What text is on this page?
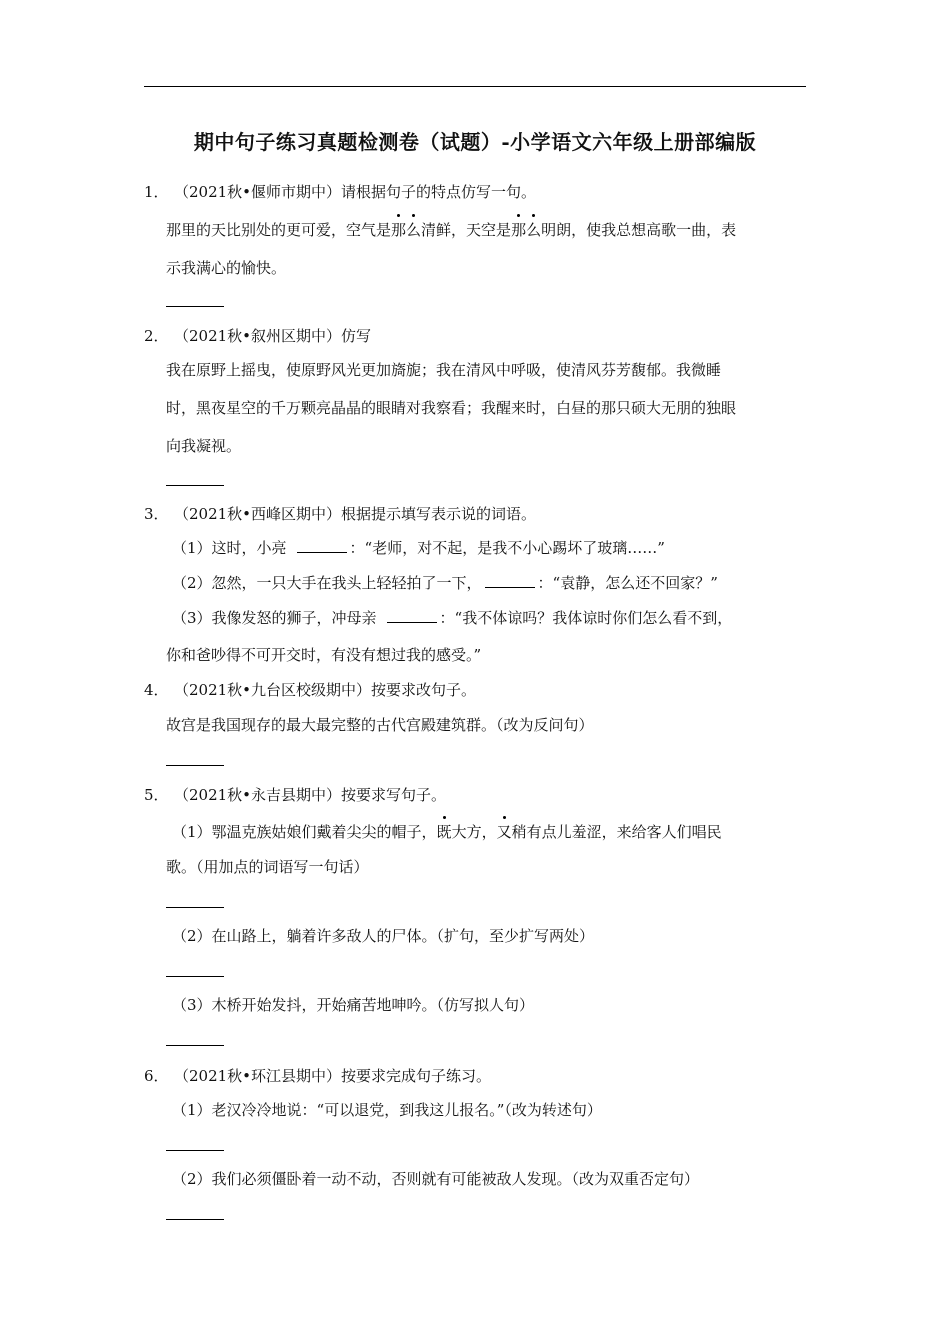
期中句子练习真题检测卷（试题）-小学语文六年级上册部编版
1． （2021秋•偃师市期中）请根据句子的特点仿写一句。
那里的天比别处的更可爱，空气是那么清鲜，天空是那么明朗，使我总想高歌一曲，表
示我满心的愉快。
2． （2021秋•叙州区期中）仿写
我在原野上摇曳，使原野风光更加旖旎；我在清风中呼吸，使清风芬芳馥郁。我微睡
时，黑夜星空的千万颗亮晶晶的眼睛对我察看；我醒来时，白昼的那只硕大无朋的独眼
向我凝视。
3． （2021秋•西峰区期中）根据提示填写表示说的词语。
（1）这时，小亮	：“老师，对不起，是我不小心踢坏了玻璃……”
（2）忽然，一只大手在我头上轻轻拍了一下，	：“袁静，怎么还不回家？”
（3）我像发怒的狮子，冲母亲	：“我不体谅吗？我体谅时你们怎么看不到，
你和爸吵得不可开交时，有没有想过我的感受。”
4． （2021秋•九台区校级期中）按要求改句子。
故宫是我国现存的最大最完整的古代宫殿建筑群。（改为反问句）
5． （2021秋•永吉县期中）按要求写句子。
（1）鄂温克族姑娘们戴着尖尖的帽子，既大方，又稍有点儿羞涩，来给客人们唱民
歌。（用加点的词语写一句话）
（2）在山路上，躺着许多敌人的尸体。（扩句，至少扩写两处）
（3）木桥开始发抖，开始痛苦地呻吟。（仿写拟人句）
6． （2021秋•环江县期中）按要求完成句子练习。
（1）老汉冷冷地说：“可以退党，到我这儿报名。”（改为转述句）
（2）我们必须僵卧着一动不动，否则就有可能被敌人发现。（改为双重否定句）
